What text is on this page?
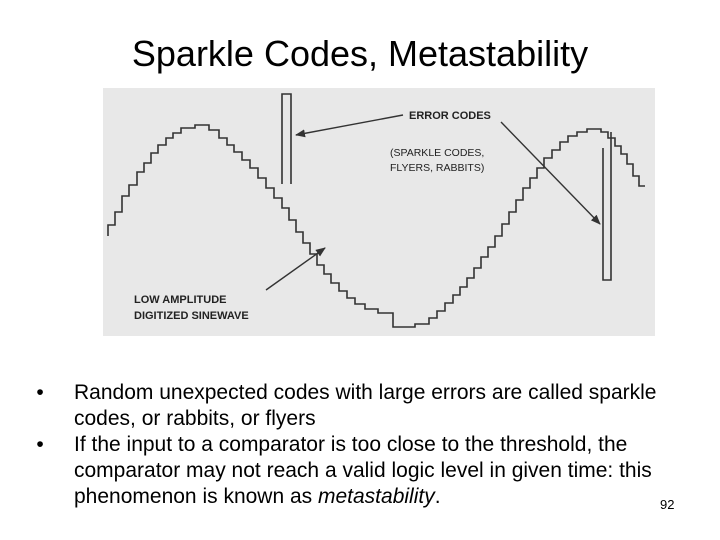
Sparkle Codes, Metastability
ERROR CODES
(SPARKLE CODES,
FLYERS, RABBITS)
LOW AMPLITUDE
DIGITIZED SINEWAVE
•	Random unexpected codes with large errors are called sparkle codes, or rabbits, or flyers
•	If the input to a comparator is too close to the threshold, the comparator may not reach a valid logic level in given time: this phenomenon is known as metastability.	92
